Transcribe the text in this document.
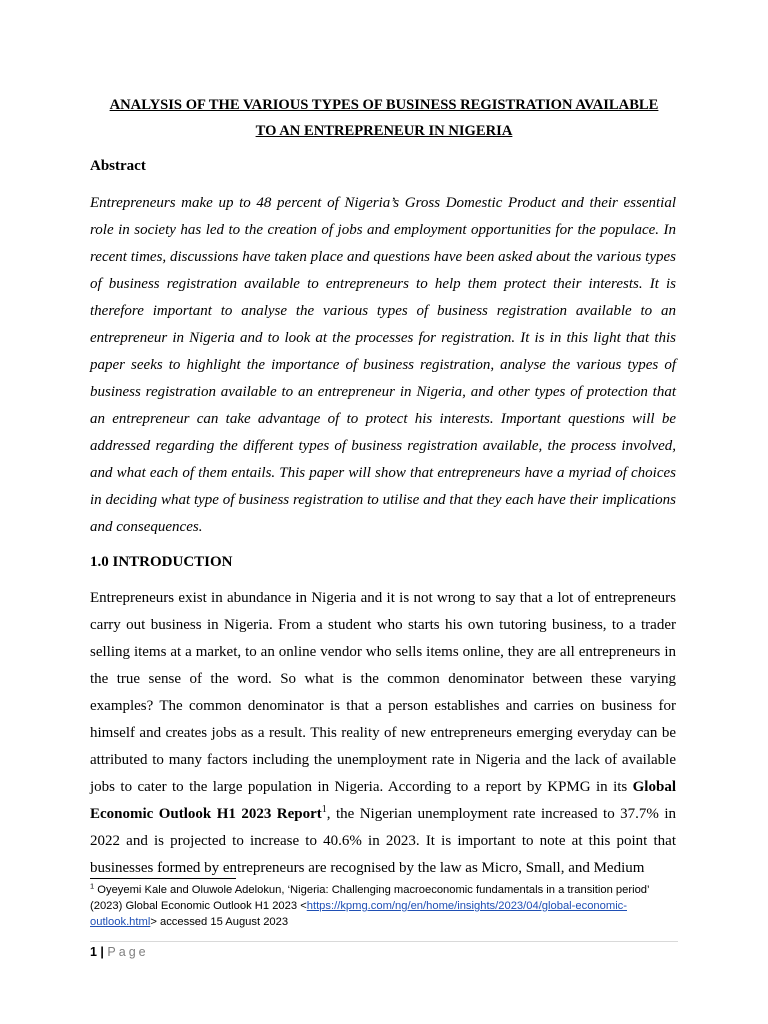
ANALYSIS OF THE VARIOUS TYPES OF BUSINESS REGISTRATION AVAILABLE
TO AN ENTREPRENEUR IN NIGERIA
Abstract

Entrepreneurs make up to 48 percent of Nigeria’s Gross Domestic Product and their essential role in society has led to the creation of jobs and employment opportunities for the populace. In recent times, discussions have taken place and questions have been asked about the various types of business registration available to entrepreneurs to help them protect their interests. It is therefore important to analyse the various types of business registration available to an entrepreneur in Nigeria and to look at the processes for registration. It is in this light that this paper seeks to highlight the importance of business registration, analyse the various types of business registration available to an entrepreneur in Nigeria, and other types of protection that an entrepreneur can take advantage of to protect his interests. Important questions will be addressed regarding the different types of business registration available, the process involved, and what each of them entails. This paper will show that entrepreneurs have a myriad of choices in deciding what type of business registration to utilise and that they each have their implications and consequences.

1.0 INTRODUCTION

Entrepreneurs exist in abundance in Nigeria and it is not wrong to say that a lot of entrepreneurs carry out business in Nigeria. From a student who starts his own tutoring business, to a trader selling items at a market, to an online vendor who sells items online, they are all entrepreneurs in the true sense of the word. So what is the common denominator between these varying examples? The common denominator is that a person establishes and carries on business for himself and creates jobs as a result. This reality of new entrepreneurs emerging everyday can be attributed to many factors including the unemployment rate in Nigeria and the lack of available jobs to cater to the large population in Nigeria. According to a report by KPMG in its Global Economic Outlook H1 2023 Report$^1$, the Nigerian unemployment rate increased to 37.7% in 2022 and is projected to increase to 40.6% in 2023. It is important to note at this point that businesses formed by entrepreneurs are recognised by the law as Micro, Small, and Medium

$^1$ Oyeyemi Kale and Oluwole Adelokun, ‘Nigeria: Challenging macroeconomic fundamentals in a transition period’ (2023) Global Economic Outlook H1 2023 <https://kpmg.com/ng/en/home/insights/2023/04/global-economic-outlook.html> accessed 15 August 2023

1 | Page
